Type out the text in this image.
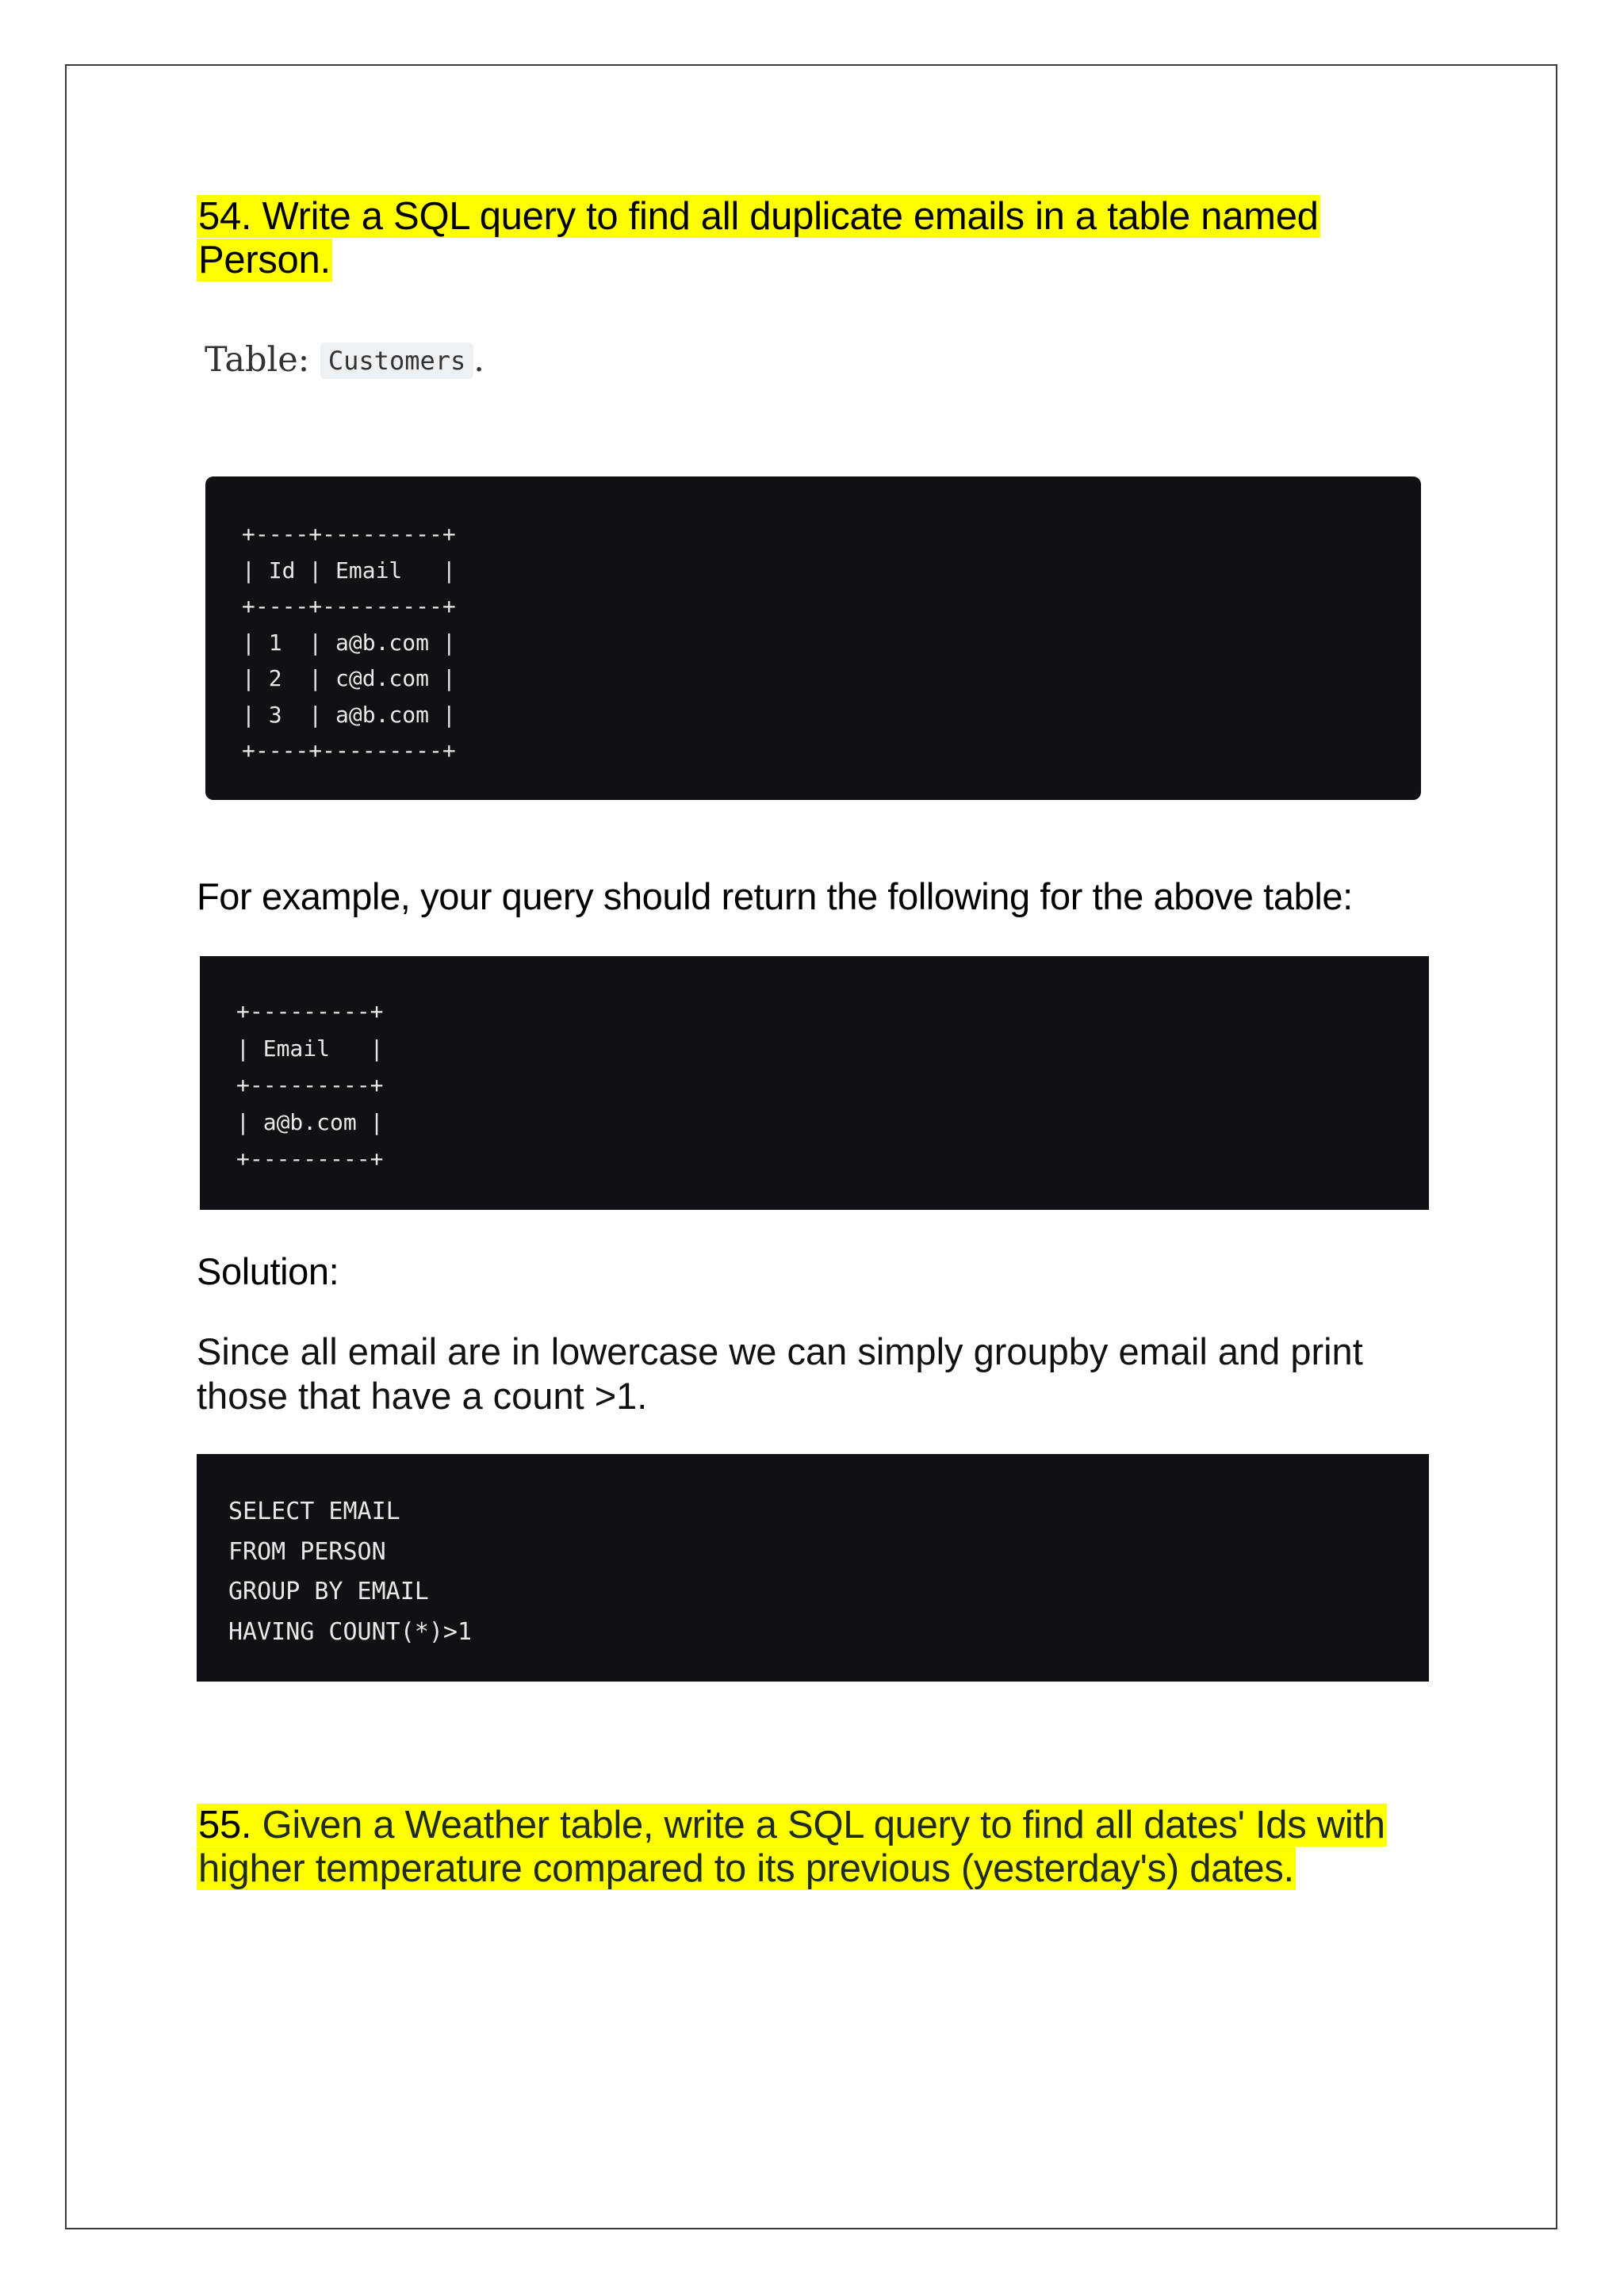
54. Write a SQL query to find all duplicate emails in a table named Person.
Table: Customers .
+----+---------+
| Id | Email   |
+----+---------+
| 1  | a@b.com |
| 2  | c@d.com |
| 3  | a@b.com |
+----+---------+

For example, your query should return the following for the above table:

+---------+
| Email   |
+---------+
| a@b.com |
+---------+
Solution:

Since all email are in lowercase we can simply groupby email and print those that have a count >1.

SELECT EMAIL
FROM PERSON
GROUP BY EMAIL
HAVING COUNT(*)>1
55. Given a Weather table, write a SQL query to find all dates' Ids with higher temperature compared to its previous (yesterday's) dates.
